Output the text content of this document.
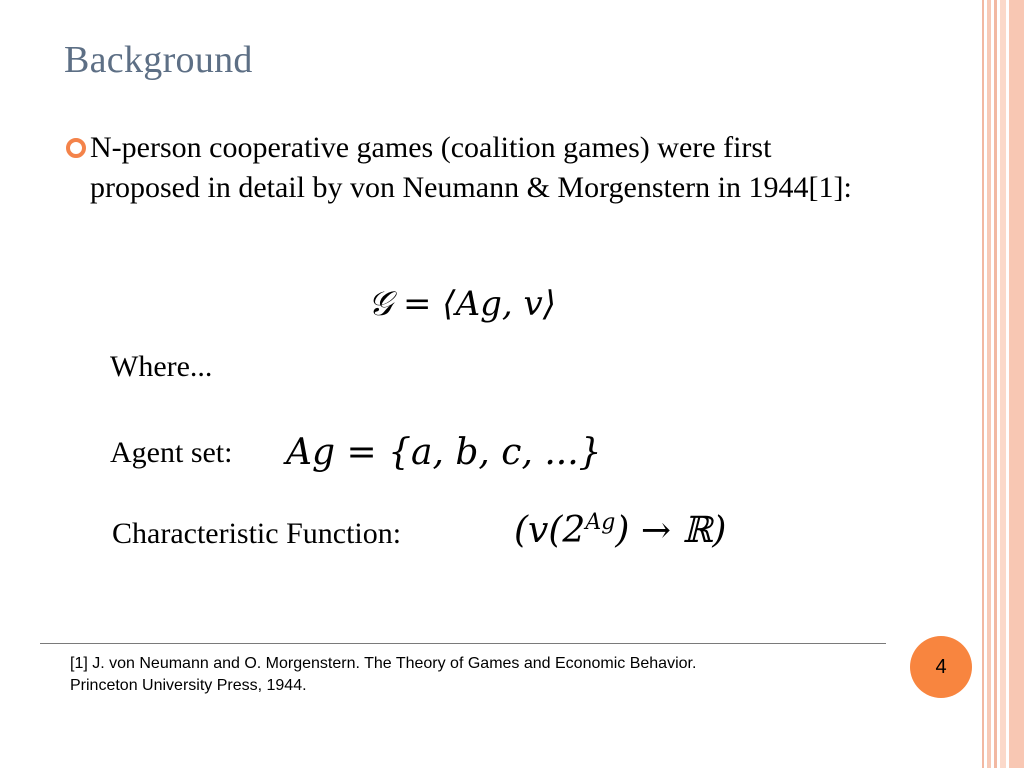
Background
N-person cooperative games (coalition games) were first proposed in detail by von Neumann & Morgenstern in 1944[1]:
𝒢 = ⟨Ag, v⟩
Where...
Agent set: Ag = {a, b, c, ...}
Characteristic Function:	($v(2^{Ag})$ → ℝ)
[1] J. von Neumann and O. Morgenstern. The Theory of Games and Economic Behavior. Princeton University Press, 1944.
4
